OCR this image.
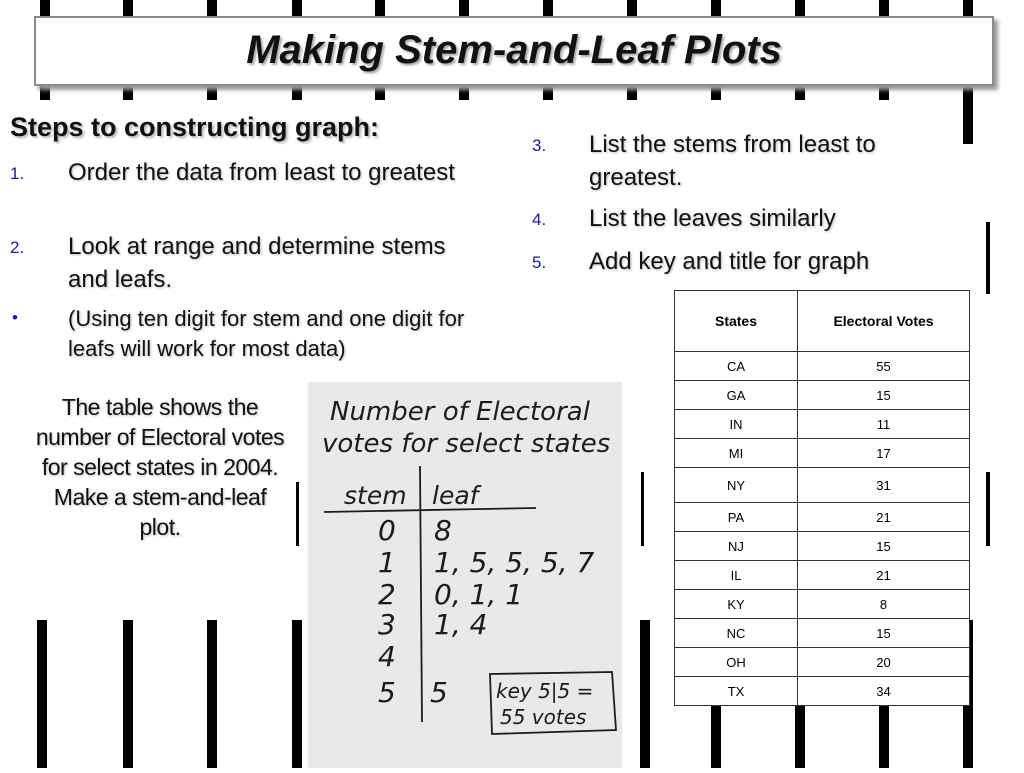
Making Stem-and-Leaf Plots
Steps to constructing graph:
1. Order the data from least to greatest
2. Look at range and determine stems and leafs.
• (Using ten digit for stem and one digit for leafs will work for most data)
3. List the stems from least to greatest.
4. List the leaves similarly
5. Add key and title for graph
The table shows the number of Electoral votes for select states in 2004. Make a stem-and-leaf plot.
Number of Electoral
votes for select states
stem leaf
0 8
1 1, 5, 5, 5, 7
2 0, 1, 1
3 1, 4
4
5 5 key 5|5 =
55 votes
States	Electoral Votes
CA	55
GA	15
IN	11
MI	17
NY	31
PA	21
NJ	15
IL	21
KY	8
NC	15
OH	20
TX	34
